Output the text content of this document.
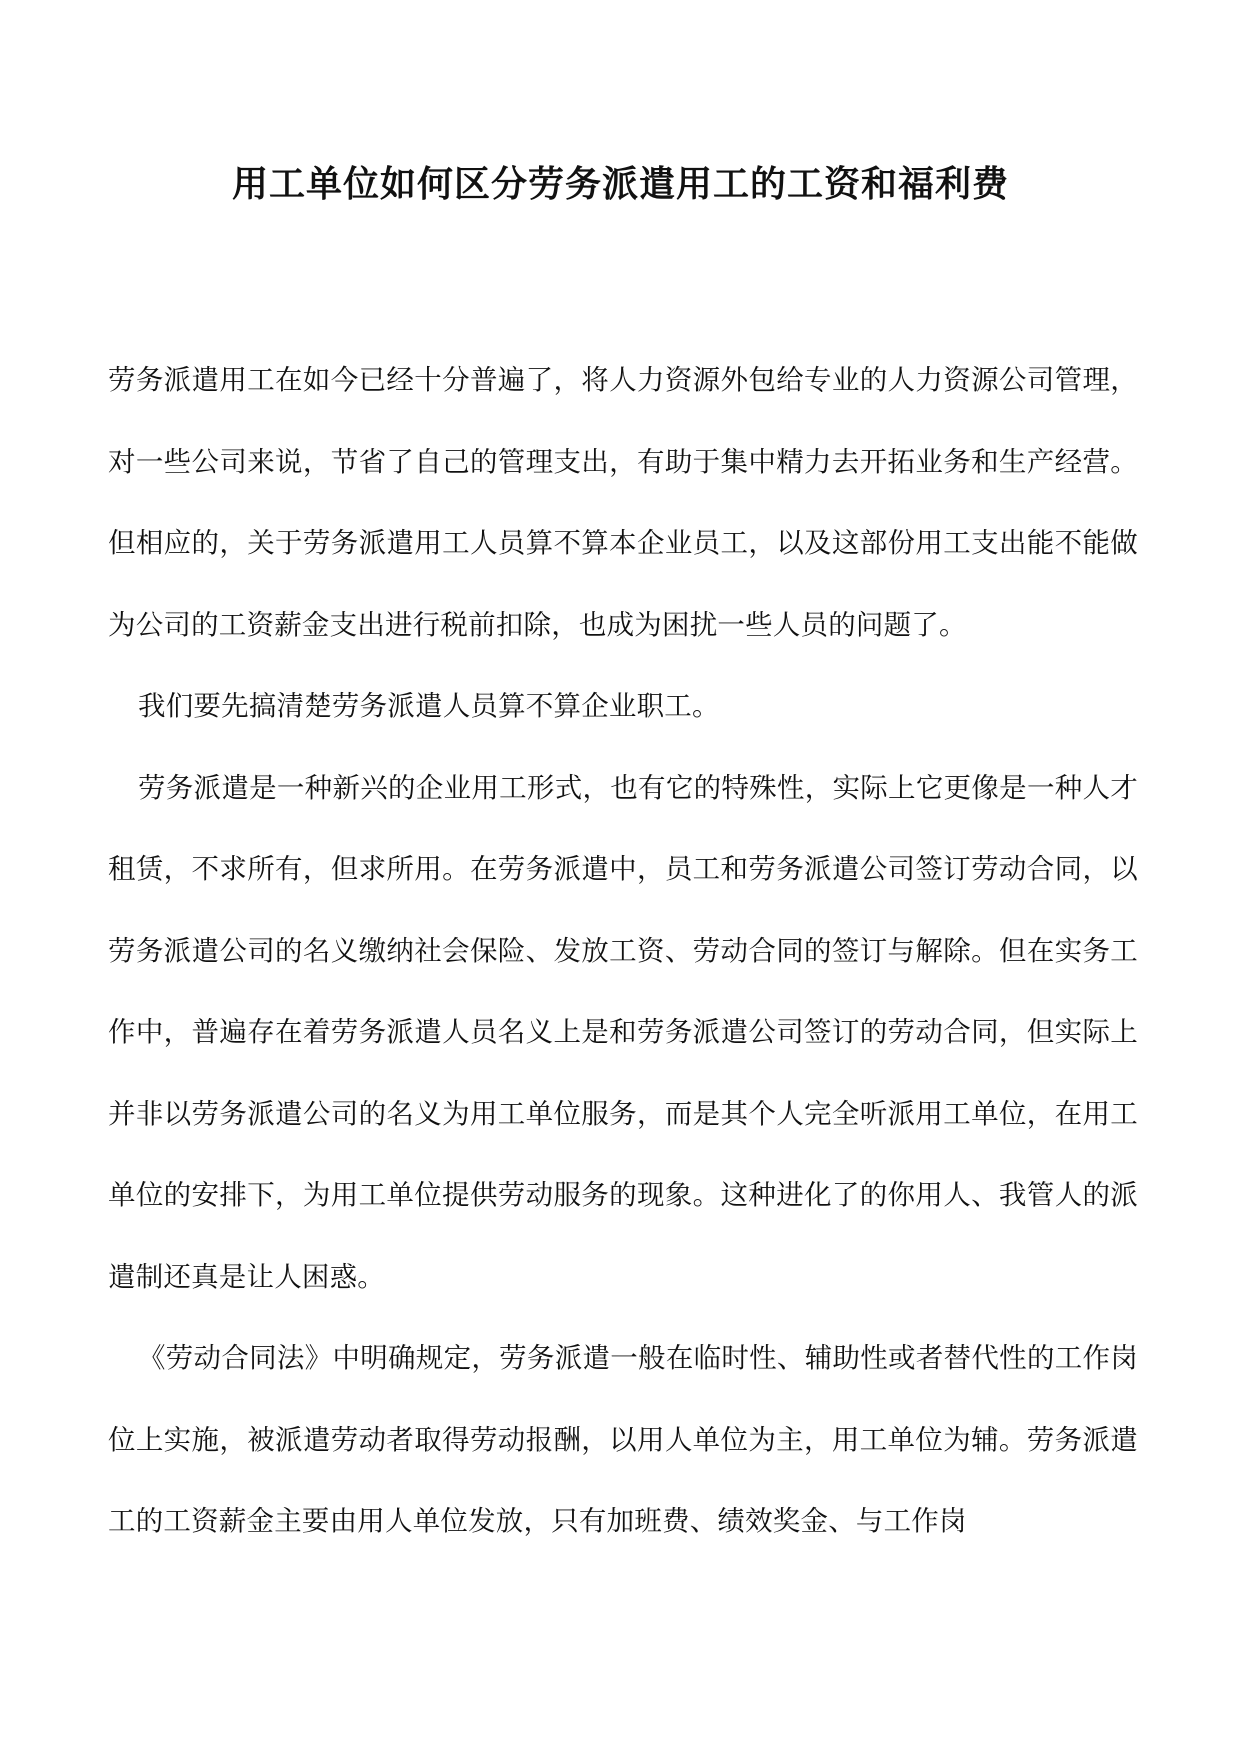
用工单位如何区分劳务派遣用工的工资和福利费

劳务派遣用工在如今已经十分普遍了，将人力资源外包给专业的人力资源公司管理，对一些公司来说，节省了自己的管理支出，有助于集中精力去开拓业务和生产经营。但相应的，关于劳务派遣用工人员算不算本企业员工，以及这部份用工支出能不能做为公司的工资薪金支出进行税前扣除，也成为困扰一些人员的问题了。

我们要先搞清楚劳务派遣人员算不算企业职工。

劳务派遣是一种新兴的企业用工形式，也有它的特殊性，实际上它更像是一种人才租赁，不求所有，但求所用。在劳务派遣中，员工和劳务派遣公司签订劳动合同，以劳务派遣公司的名义缴纳社会保险、发放工资、劳动合同的签订与解除。但在实务工作中，普遍存在着劳务派遣人员名义上是和劳务派遣公司签订的劳动合同，但实际上并非以劳务派遣公司的名义为用工单位服务，而是其个人完全听派用工单位，在用工单位的安排下，为用工单位提供劳动服务的现象。这种进化了的你用人、我管人的派遣制还真是让人困惑。

《劳动合同法》中明确规定，劳务派遣一般在临时性、辅助性或者替代性的工作岗位上实施，被派遣劳动者取得劳动报酬，以用人单位为主，用工单位为辅。劳务派遣工的工资薪金主要由用人单位发放，只有加班费、绩效奖金、与工作岗
